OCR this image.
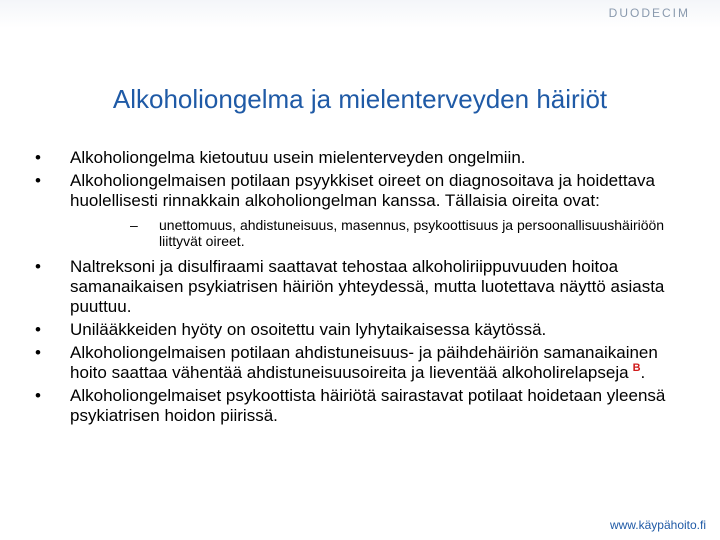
DUODECIM
Alkoholiongelma ja mielenterveyden häiriöt
•	Alkoholiongelma kietoutuu usein mielenterveyden ongelmiin.
•	Alkoholiongelmaisen potilaan psyykkiset oireet on diagnosoitava ja hoidettava huolellisesti rinnakkain alkoholiongelman kanssa. Tällaisia oireita ovat:
– unettomuus, ahdistuneisuus, masennus, psykoottisuus ja persoonallisuushäiriöön liittyvät oireet.
•	Naltreksoni ja disulfiraami saattavat tehostaa alkoholiriippuvuuden hoitoa samanaikaisen psykiatrisen häiriön yhteydessä, mutta luotettava näyttö asiasta puuttuu.
•	Unilääkkeiden hyöty on osoitettu vain lyhytaikaisessa käytössä.
•	Alkoholiongelmaisen potilaan ahdistuneisuus- ja päihdehäiriön samanaikainen hoito saattaa vähentää ahdistuneisuusoireita ja lieventää alkoholirelapseja $^B$.
•	Alkoholiongelmaiset psykoottista häiriötä sairastavat potilaat hoidetaan yleensä psykiatrisen hoidon piirissä.
www.käypähoito.fi
